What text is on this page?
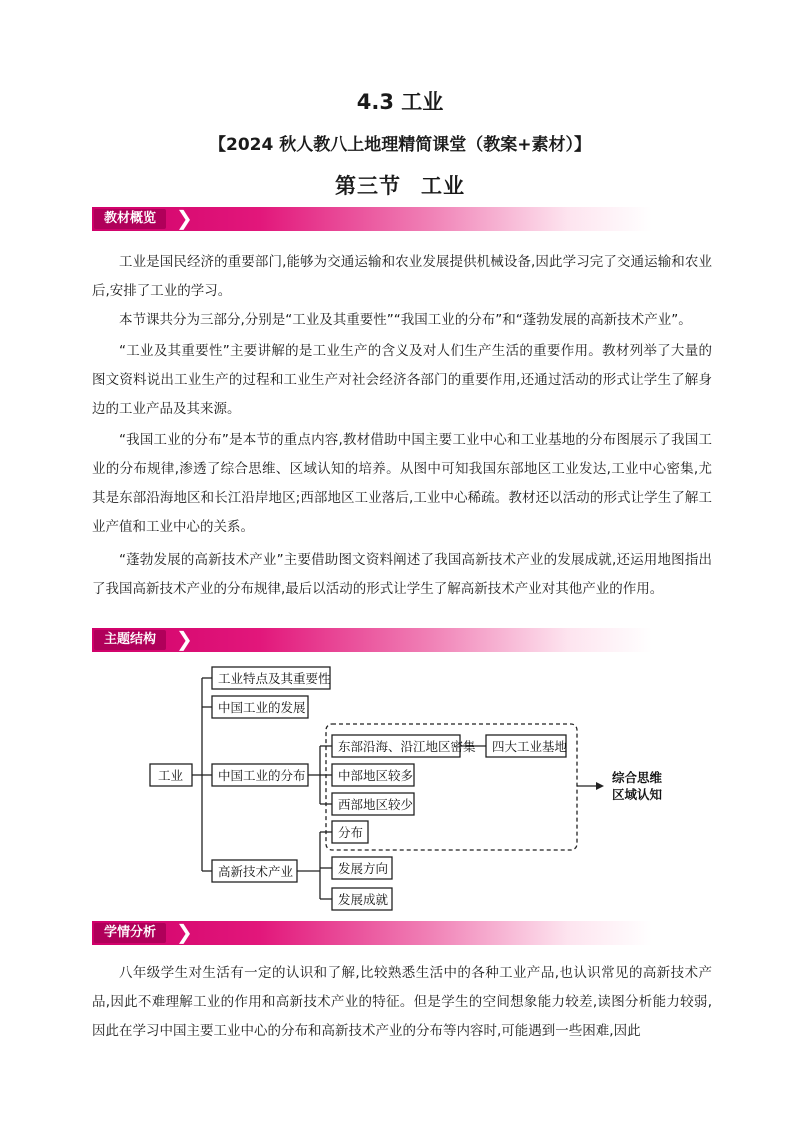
4.3 工业
【2024 秋人教八上地理精简课堂（教案+素材）】
第三节 工业
教材概览 ❯

工业是国民经济的重要部门,能够为交通运输和农业发展提供机械设备,因此学习完了交通运输和农业后,安排了工业的学习。

本节课共分为三部分,分别是“工业及其重要性”“我国工业的分布”和“蓬勃发展的高新技术产业”。

“工业及其重要性”主要讲解的是工业生产的含义及对人们生产生活的重要作用。教材列举了大量的图文资料说出工业生产的过程和工业生产对社会经济各部门的重要作用,还通过活动的形式让学生了解身边的工业产品及其来源。

“我国工业的分布”是本节的重点内容,教材借助中国主要工业中心和工业基地的分布图展示了我国工业的分布规律,渗透了综合思维、区域认知的培养。从图中可知我国东部地区工业发达,工业中心密集,尤其是东部沿海地区和长江沿岸地区;西部地区工业落后,工业中心稀疏。教材还以活动的形式让学生了解工业产值和工业中心的关系。

“蓬勃发展的高新技术产业”主要借助图文资料阐述了我国高新技术产业的发展成就,还运用地图指出了我国高新技术产业的分布规律,最后以活动的形式让学生了解高新技术产业对其他产业的作用。

主题结构 ❯
工业
工业特点及其重要性
中国工业的发展
中国工业的分布
高新技术产业
东部沿海、沿江地区密集 四大工业基地
中部地区较多
西部地区较少
分布
发展方向
发展成就
综合思维
区域认知
学情分析 ❯

八年级学生对生活有一定的认识和了解,比较熟悉生活中的各种工业产品,也认识常见的高新技术产品,因此不难理解工业的作用和高新技术产业的特征。但是学生的空间想象能力较差,读图分析能力较弱,因此在学习中国主要工业中心的分布和高新技术产业的分布等内容时,可能遇到一些困难,因此
